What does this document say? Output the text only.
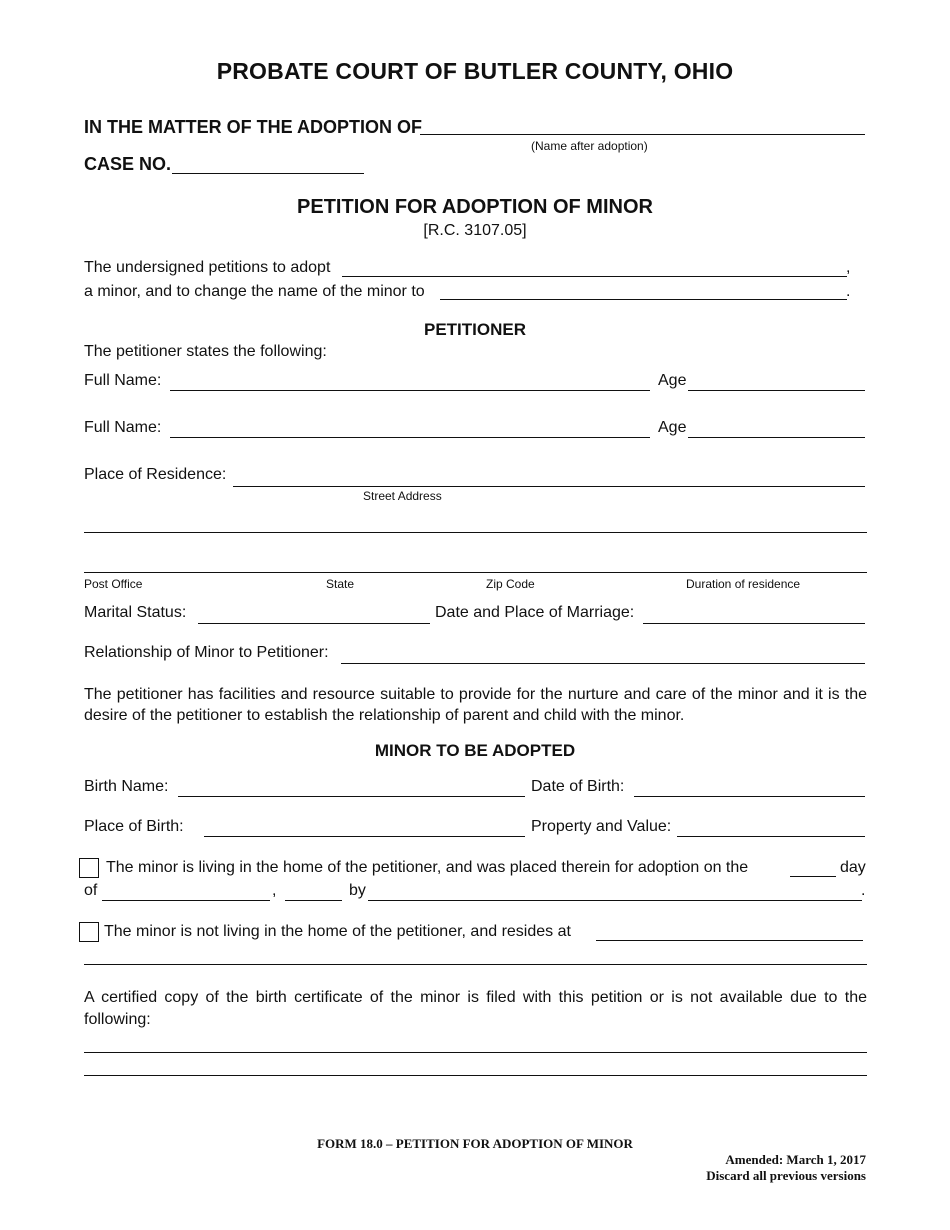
PROBATE COURT OF BUTLER COUNTY, OHIO
IN THE MATTER OF THE ADOPTION OF
(Name after adoption)
CASE NO.
PETITION FOR ADOPTION OF MINOR
[R.C. 3107.05]
The undersigned petitions to adopt	,
a minor, and to change the name of the minor to	.
PETITIONER
The petitioner states the following:
Full Name:	Age
Full Name:	Age
Place of Residence:
Street Address
Post Office	State	Zip Code	Duration of residence
Marital Status:	Date and Place of Marriage:
Relationship of Minor to Petitioner:
The petitioner has facilities and resource suitable to provide for the nurture and care of the minor and it is the desire of the petitioner to establish the relationship of parent and child with the minor.
MINOR TO BE ADOPTED
Birth Name:	Date of Birth:
Place of Birth:	Property and Value:
The minor is living in the home of the petitioner, and was placed therein for adoption on the	day
of	,	by	.
The minor is not living in the home of the petitioner, and resides at
A certified copy of the birth certificate of the minor is filed with this petition or is not available due to the following:
FORM 18.0 – PETITION FOR ADOPTION OF MINOR
Amended: March 1, 2017
Discard all previous versions
